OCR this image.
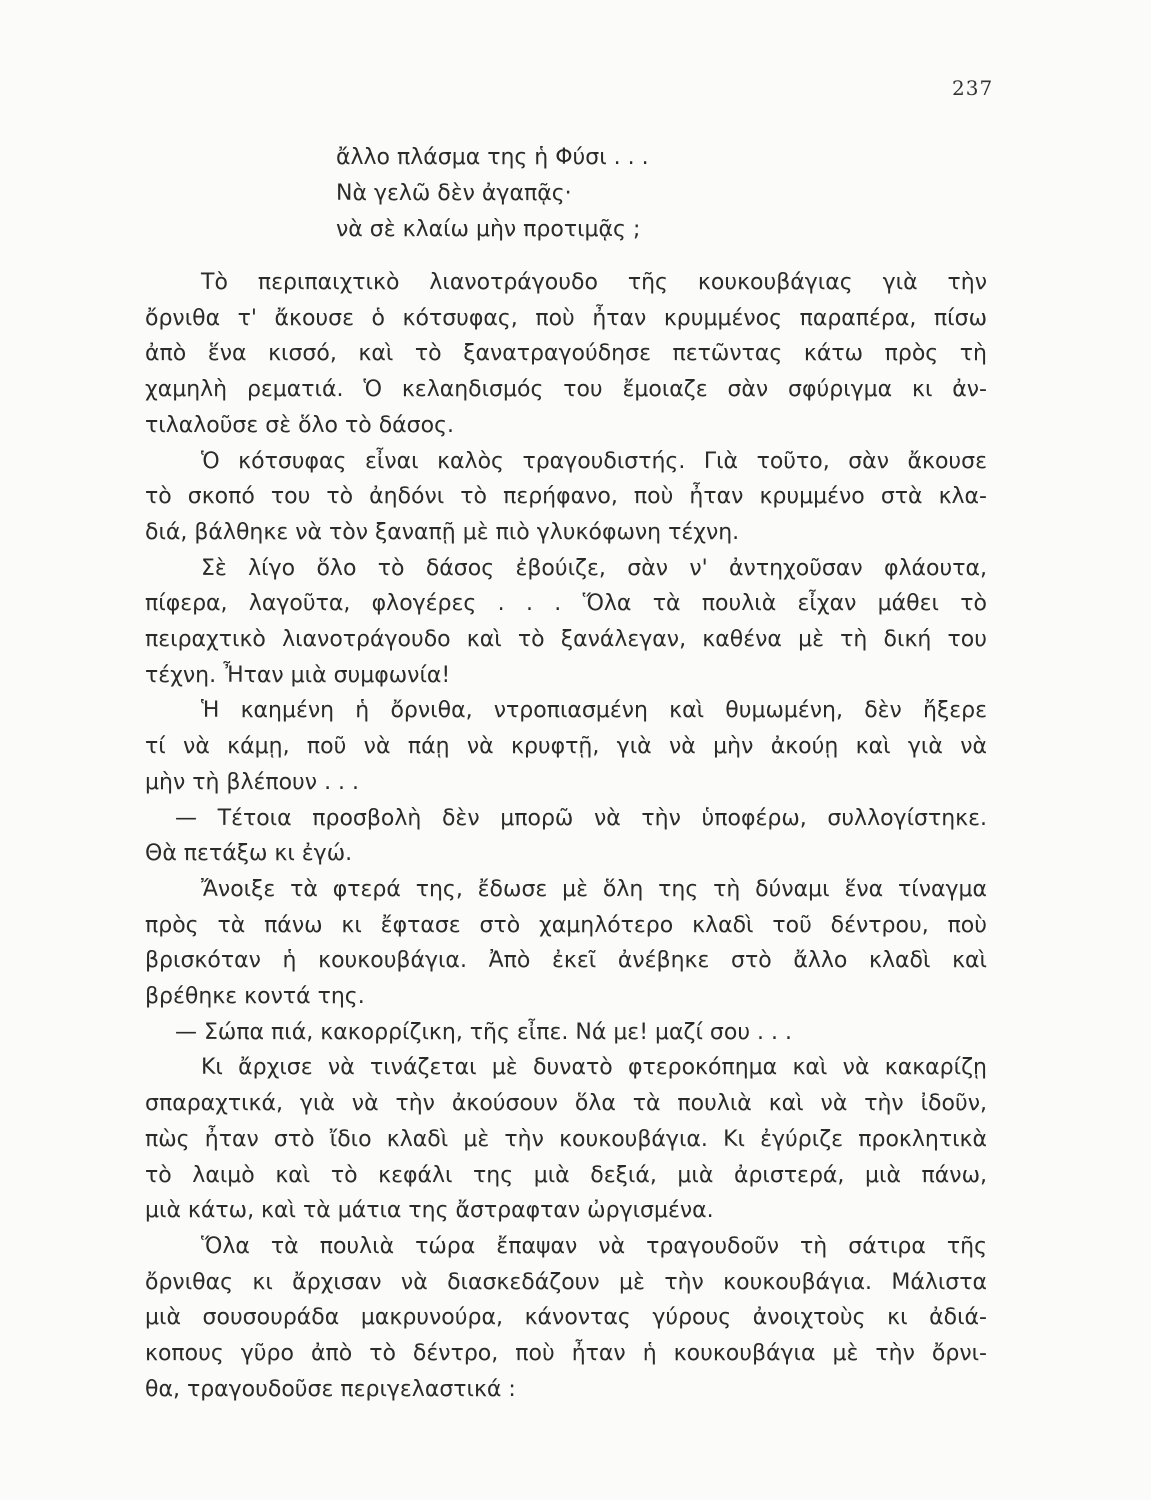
237
ἄλλο πλάσμα της ἡ Φύσι . . .
Νὰ γελῶ δὲν ἀγαπᾷς·
νὰ σὲ κλαίω μὴν προτιμᾷς ;
Τὸ περιπαιχτικὸ λιανοτράγουδο τῆς κουκουβάγιας γιὰ τὴν
ὄρνιθα τ' ἄκουσε ὁ κότσυφας, ποὺ ἦταν κρυμμένος παραπέρα, πίσω
ἀπὸ ἕνα κισσό, καὶ τὸ ξανατραγούδησε πετῶντας κάτω πρὸς τὴ
χαμηλὴ ρεματιά. Ὁ κελαηδισμός του ἔμοιαζε σὰν σφύριγμα κι ἀν-
τιλαλοῦσε σὲ ὅλο τὸ δάσος.
Ὁ κότσυφας εἶναι καλὸς τραγουδιστής. Γιὰ τοῦτο, σὰν ἄκουσε
τὸ σκοπό του τὸ ἀηδόνι τὸ περήφανο, ποὺ ἦταν κρυμμένο στὰ κλα-
διά, βάλθηκε νὰ τὸν ξαναπῇ μὲ πιὸ γλυκόφωνη τέχνη.
Σὲ λίγο ὅλο τὸ δάσος ἐβούιζε, σὰν ν' ἀντηχοῦσαν φλάουτα,
πίφερα, λαγοῦτα, φλογέρες . . . Ὅλα τὰ πουλιὰ εἶχαν μάθει τὸ
πειραχτικὸ λιανοτράγουδο καὶ τὸ ξανάλεγαν, καθένα μὲ τὴ δική του
τέχνη. Ἦταν μιὰ συμφωνία!
Ἡ καημένη ἡ ὄρνιθα, ντροπιασμένη καὶ θυμωμένη, δὲν ἤξερε
τί νὰ κάμῃ, ποῦ νὰ πάῃ νὰ κρυφτῇ, γιὰ νὰ μὴν ἀκούῃ καὶ γιὰ νὰ
μὴν τὴ βλέπουν . . .
— Τέτοια προσβολὴ δὲν μπορῶ νὰ τὴν ὑποφέρω, συλλογίστηκε.
Θὰ πετάξω κι ἐγώ.
Ἄνοιξε τὰ φτερά της, ἔδωσε μὲ ὅλη της τὴ δύναμι ἕνα τίναγμα
πρὸς τὰ πάνω κι ἔφτασε στὸ χαμηλότερο κλαδὶ τοῦ δέντρου, ποὺ
βρισκόταν ἡ κουκουβάγια. Ἀπὸ ἐκεῖ ἀνέβηκε στὸ ἄλλο κλαδὶ καὶ
βρέθηκε κοντά της.
— Σώπα πιά, κακορρίζικη, τῆς εἶπε. Νά με! μαζί σου . . .
Κι ἄρχισε νὰ τινάζεται μὲ δυνατὸ φτεροκόπημα καὶ νὰ κακαρίζῃ
σπαραχτικά, γιὰ νὰ τὴν ἀκούσουν ὅλα τὰ πουλιὰ καὶ νὰ τὴν ἰδοῦν,
πὼς ἦταν στὸ ἴδιο κλαδὶ μὲ τὴν κουκουβάγια. Κι ἐγύριζε προκλητικὰ
τὸ λαιμὸ καὶ τὸ κεφάλι της μιὰ δεξιά, μιὰ ἀριστερά, μιὰ πάνω,
μιὰ κάτω, καὶ τὰ μάτια της ἄστραφταν ὠργισμένα.
Ὅλα τὰ πουλιὰ τώρα ἔπαψαν νὰ τραγουδοῦν τὴ σάτιρα τῆς
ὄρνιθας κι ἄρχισαν νὰ διασκεδάζουν μὲ τὴν κουκουβάγια. Μάλιστα
μιὰ σουσουράδα μακρυνούρα, κάνοντας γύρους ἀνοιχτοὺς κι ἀδιά-
κοπους γῦρο ἀπὸ τὸ δέντρο, ποὺ ἦταν ἡ κουκουβάγια μὲ τὴν ὄρνι-
θα, τραγουδοῦσε περιγελαστικά :
